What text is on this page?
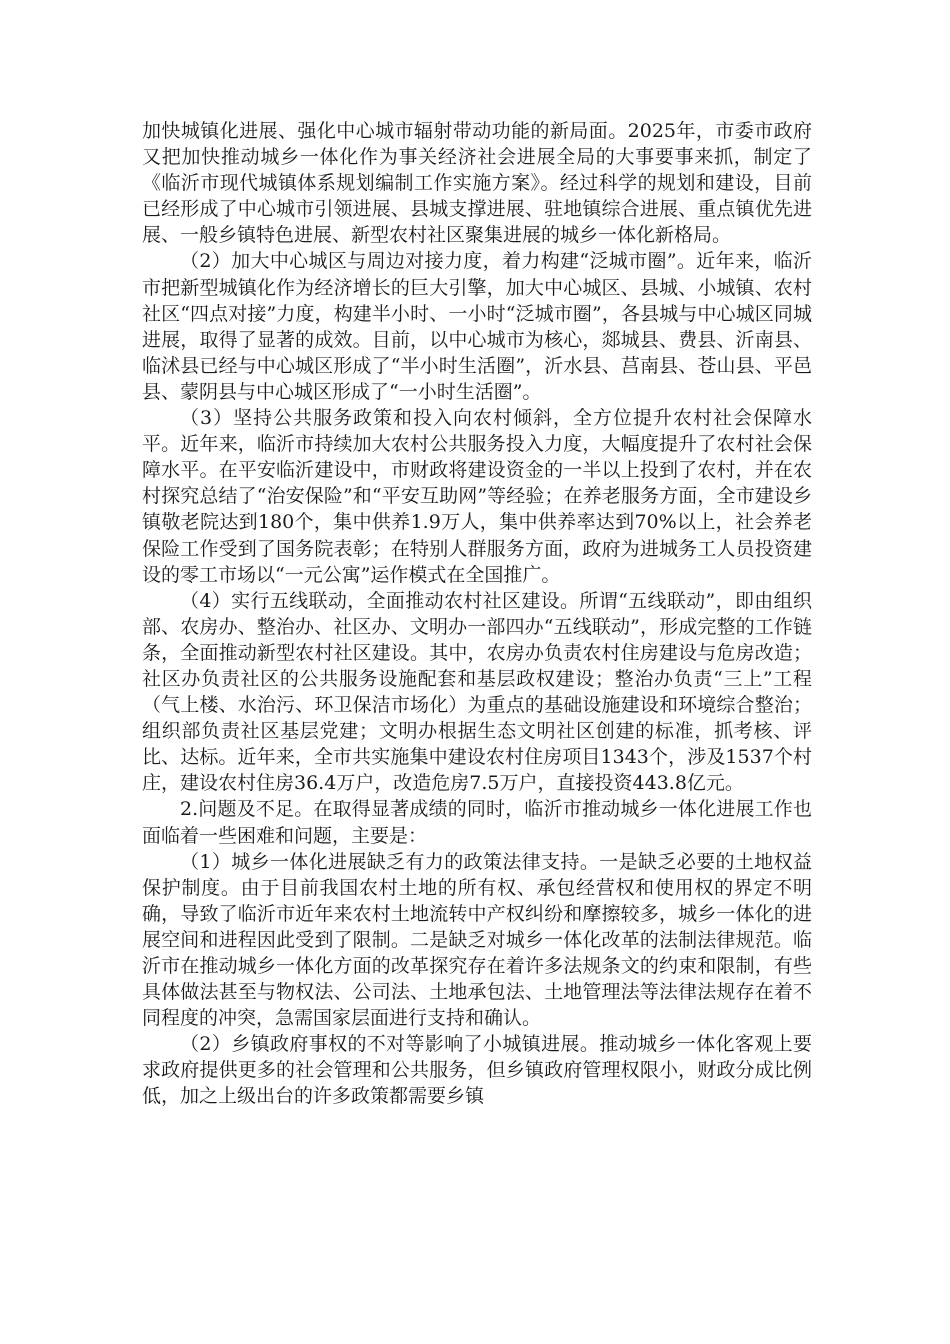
加快城镇化进展、强化中心城市辐射带动功能的新局面。2025年，市委市政府又把加快推动城乡一体化作为事关经济社会进展全局的大事要事来抓，制定了《临沂市现代城镇体系规划编制工作实施方案》。经过科学的规划和建设，目前已经形成了中心城市引领进展、县城支撑进展、驻地镇综合进展、重点镇优先进展、一般乡镇特色进展、新型农村社区聚集进展的城乡一体化新格局。

（2）加大中心城区与周边对接力度，着力构建“泛城市圈”。近年来，临沂市把新型城镇化作为经济增长的巨大引擎，加大中心城区、县城、小城镇、农村社区“四点对接”力度，构建半小时、一小时“泛城市圈”，各县城与中心城区同城进展，取得了显著的成效。目前，以中心城市为核心，郯城县、费县、沂南县、临沭县已经与中心城区形成了“半小时生活圈”，沂水县、莒南县、苍山县、平邑县、蒙阴县与中心城区形成了“一小时生活圈”。

（3）坚持公共服务政策和投入向农村倾斜，全方位提升农村社会保障水平。近年来，临沂市持续加大农村公共服务投入力度，大幅度提升了农村社会保障水平。在平安临沂建设中，市财政将建设资金的一半以上投到了农村，并在农村探究总结了“治安保险”和“平安互助网”等经验；在养老服务方面，全市建设乡镇敬老院达到180个，集中供养1.9万人，集中供养率达到70%以上，社会养老保险工作受到了国务院表彰；在特别人群服务方面，政府为进城务工人员投资建设的零工市场以“一元公寓”运作模式在全国推广。

（4）实行五线联动，全面推动农村社区建设。所谓“五线联动”，即由组织部、农房办、整治办、社区办、文明办一部四办“五线联动”，形成完整的工作链条，全面推动新型农村社区建设。其中，农房办负责农村住房建设与危房改造；社区办负责社区的公共服务设施配套和基层政权建设；整治办负责“三上”工程（气上楼、水治污、环卫保洁市场化）为重点的基础设施建设和环境综合整治；组织部负责社区基层党建；文明办根据生态文明社区创建的标准，抓考核、评比、达标。近年来，全市共实施集中建设农村住房项目1343个，涉及1537个村庄，建设农村住房36.4万户，改造危房7.5万户，直接投资443.8亿元。

2.问题及不足。在取得显著成绩的同时，临沂市推动城乡一体化进展工作也面临着一些困难和问题，主要是：

（1）城乡一体化进展缺乏有力的政策法律支持。一是缺乏必要的土地权益保护制度。由于目前我国农村土地的所有权、承包经营权和使用权的界定不明确，导致了临沂市近年来农村土地流转中产权纠纷和摩擦较多，城乡一体化的进展空间和进程因此受到了限制。二是缺乏对城乡一体化改革的法制法律规范。临沂市在推动城乡一体化方面的改革探究存在着许多法规条文的约束和限制，有些具体做法甚至与物权法、公司法、土地承包法、土地管理法等法律法规存在着不同程度的冲突，急需国家层面进行支持和确认。

（2）乡镇政府事权的不对等影响了小城镇进展。推动城乡一体化客观上要求政府提供更多的社会管理和公共服务，但乡镇政府管理权限小，财政分成比例低，加之上级出台的许多政策都需要乡镇
